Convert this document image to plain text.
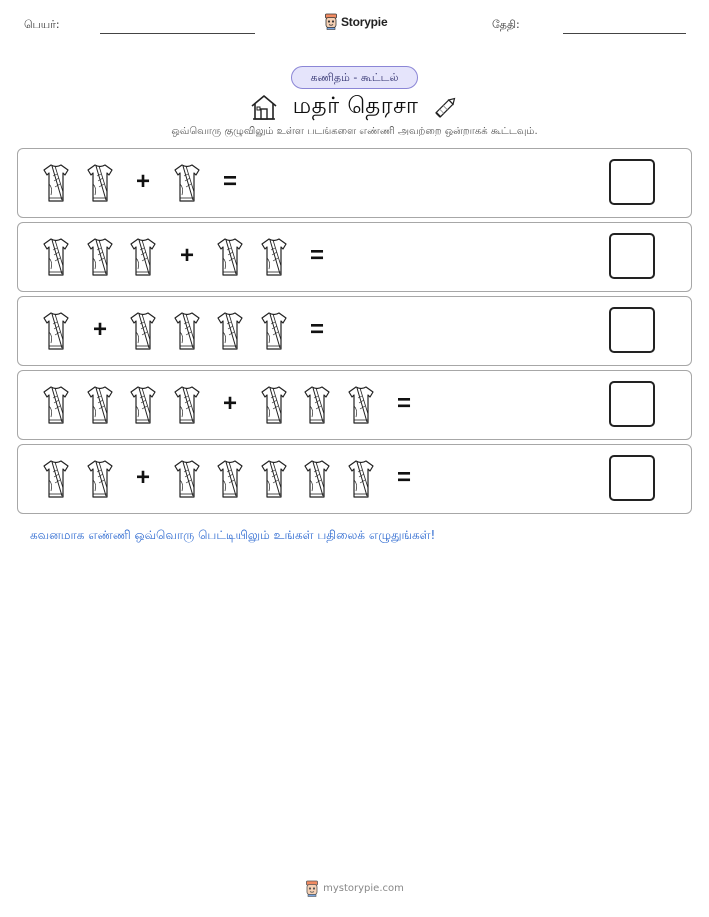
பெயர்:	Storypie	தேதி:
கணிதம் - கூட்டல்
மதர் தெரசா
ஒவ்வொரு குழுவிலும் உள்ள படங்களை எண்ணி அவற்றை ஒன்றாகக் கூட்டவும்.
+	=
+	=
+	=
+	=
+	=
கவனமாக எண்ணி ஒவ்வொரு பெட்டியிலும் உங்கள் பதிலைக் எழுதுங்கள்!
mystorypie.com
